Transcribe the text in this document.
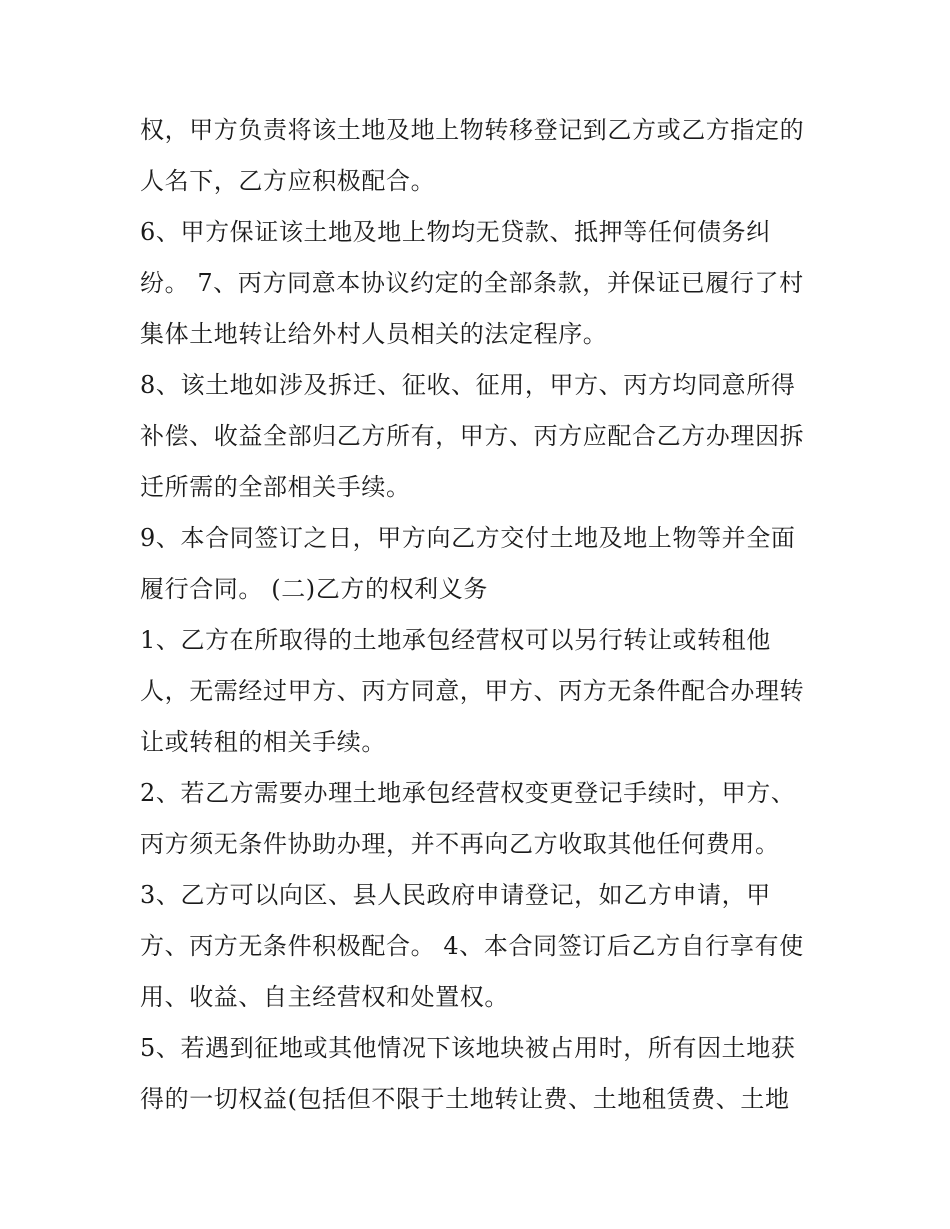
权，甲方负责将该土地及地上物转移登记到乙方或乙方指定的
人名下，乙方应积极配合。
6、甲方保证该土地及地上物均无贷款、抵押等任何债务纠
纷。 7、丙方同意本协议约定的全部条款，并保证已履行了村
集体土地转让给外村人员相关的法定程序。
8、该土地如涉及拆迁、征收、征用，甲方、丙方均同意所得
补偿、收益全部归乙方所有，甲方、丙方应配合乙方办理因拆
迁所需的全部相关手续。
9、本合同签订之日，甲方向乙方交付土地及地上物等并全面
履行合同。 (二)乙方的权利义务
1、乙方在所取得的土地承包经营权可以另行转让或转租他
人，无需经过甲方、丙方同意，甲方、丙方无条件配合办理转
让或转租的相关手续。
2、若乙方需要办理土地承包经营权变更登记手续时，甲方、
丙方须无条件协助办理，并不再向乙方收取其他任何费用。
3、乙方可以向区、县人民政府申请登记，如乙方申请，甲
方、丙方无条件积极配合。 4、本合同签订后乙方自行享有使
用、收益、自主经营权和处置权。
5、若遇到征地或其他情况下该地块被占用时，所有因土地获
得的一切权益(包括但不限于土地转让费、土地租赁费、土地
